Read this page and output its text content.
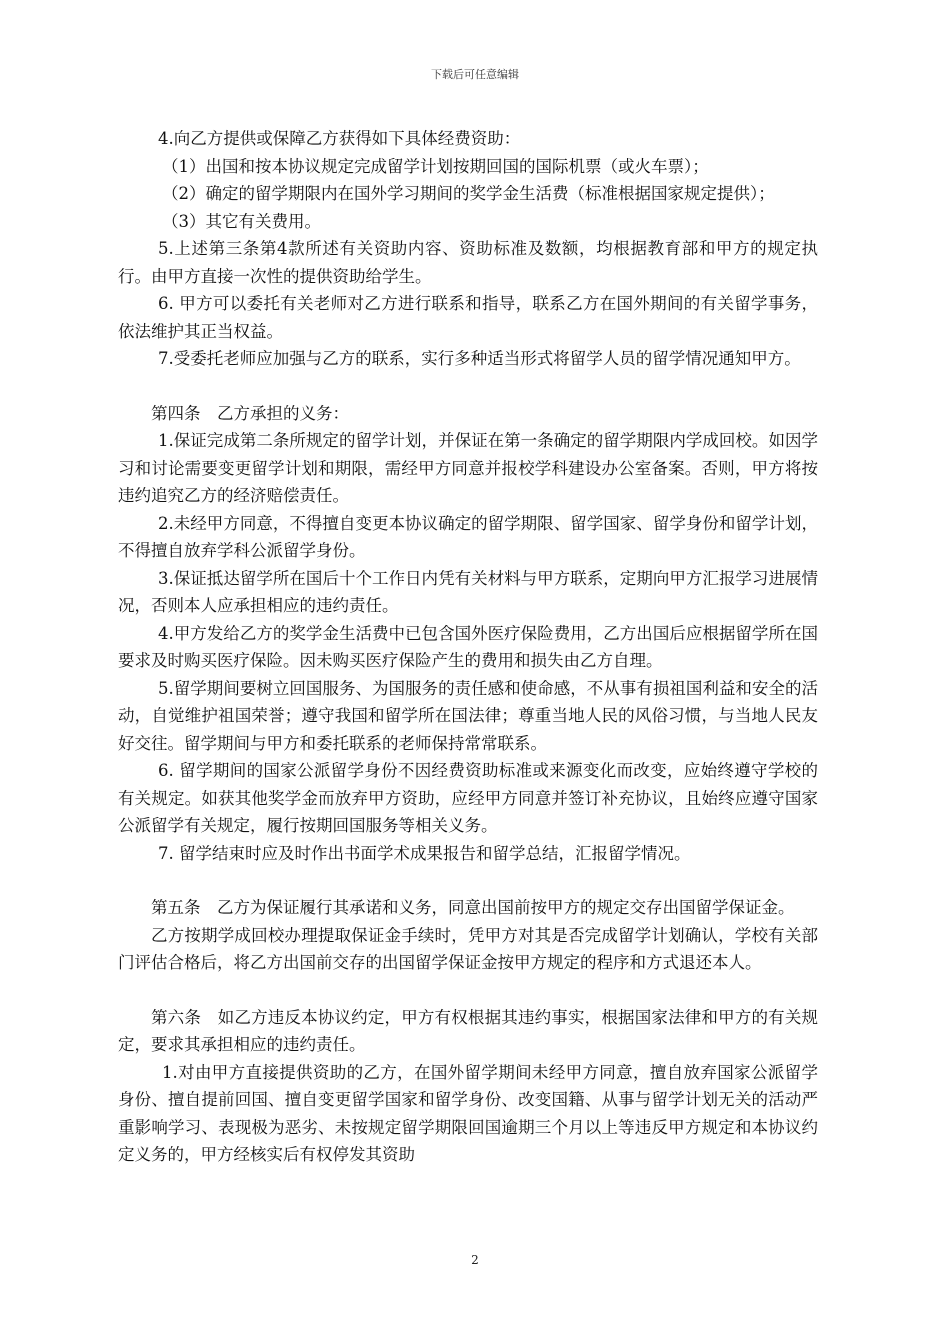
下载后可任意编辑

4.向乙方提供或保障乙方获得如下具体经费资助：

（1）出国和按本协议规定完成留学计划按期回国的国际机票（或火车票）；

（2）确定的留学期限内在国外学习期间的奖学金生活费（标准根据国家规定提供）；

（3）其它有关费用。

5.上述第三条第4款所述有关资助内容、资助标准及数额，均根据教育部和甲方的规定执行。由甲方直接一次性的提供资助给学生。

6. 甲方可以委托有关老师对乙方进行联系和指导，联系乙方在国外期间的有关留学事务，依法维护其正当权益。

7.受委托老师应加强与乙方的联系，实行多种适当形式将留学人员的留学情况通知甲方。

第四条　乙方承担的义务：

1.保证完成第二条所规定的留学计划，并保证在第一条确定的留学期限内学成回校。如因学习和讨论需要变更留学计划和期限，需经甲方同意并报校学科建设办公室备案。否则，甲方将按违约追究乙方的经济赔偿责任。

2.未经甲方同意，不得擅自变更本协议确定的留学期限、留学国家、留学身份和留学计划，不得擅自放弃学科公派留学身份。

3.保证抵达留学所在国后十个工作日内凭有关材料与甲方联系，定期向甲方汇报学习进展情况，否则本人应承担相应的违约责任。

4.甲方发给乙方的奖学金生活费中已包含国外医疗保险费用，乙方出国后应根据留学所在国要求及时购买医疗保险。因未购买医疗保险产生的费用和损失由乙方自理。

5.留学期间要树立回国服务、为国服务的责任感和使命感，不从事有损祖国利益和安全的活动，自觉维护祖国荣誉；遵守我国和留学所在国法律；尊重当地人民的风俗习惯，与当地人民友好交往。留学期间与甲方和委托联系的老师保持常常联系。

6. 留学期间的国家公派留学身份不因经费资助标准或来源变化而改变，应始终遵守学校的有关规定。如获其他奖学金而放弃甲方资助，应经甲方同意并签订补充协议，且始终应遵守国家公派留学有关规定，履行按期回国服务等相关义务。

7. 留学结束时应及时作出书面学术成果报告和留学总结，汇报留学情况。

第五条　乙方为保证履行其承诺和义务，同意出国前按甲方的规定交存出国留学保证金。

乙方按期学成回校办理提取保证金手续时，凭甲方对其是否完成留学计划确认，学校有关部门评估合格后，将乙方出国前交存的出国留学保证金按甲方规定的程序和方式退还本人。

第六条　如乙方违反本协议约定，甲方有权根据其违约事实，根据国家法律和甲方的有关规定，要求其承担相应的违约责任。

1.对由甲方直接提供资助的乙方，在国外留学期间未经甲方同意，擅自放弃国家公派留学身份、擅自提前回国、擅自变更留学国家和留学身份、改变国籍、从事与留学计划无关的活动严重影响学习、表现极为恶劣、未按规定留学期限回国逾期三个月以上等违反甲方规定和本协议约定义务的，甲方经核实后有权停发其资助

2
